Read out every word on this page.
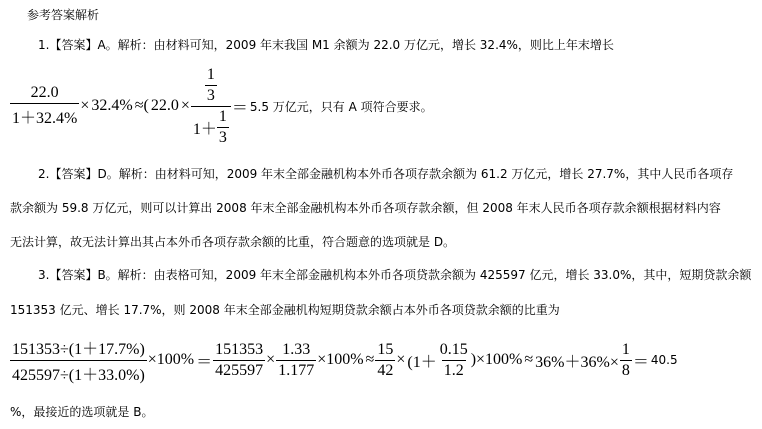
参考答案解析
1.【答案】A。解析：由材料可知，2009 年末我国 M1 余额为 22.0 万亿元，增长 32.4%，则比上年末增长
$\frac{22.0}{1+32.4\%} \times 32.4\%$ ≈( $22.0 \times \frac{\frac{1}{3}}{1+ \frac{1}{3}} = 5.5$ 万亿元，只有 A 项符合要求。
2.【答案】D。解析：由材料可知，2009 年末全部金融机构本外币各项存款余额为 61.2 万亿元，增长 27.7%，其中人民币各项存
款余额为 59.8 万亿元，则可以计算出 2008 年末全部金融机构本外币各项存款余额，但 2008 年末人民币各项存款余额根据材料内容
无法计算，故无法计算出其占本外币各项存款余额的比重，符合题意的选项就是 D。
3.【答案】B。解析：由表格可知，2009 年末全部金融机构本外币各项贷款余额为 425597 亿元，增长 33.0%，其中，短期贷款余额
151353 亿元、增长 17.7%，则 2008 年末全部金融机构短期贷款余额占本外币各项贷款余额的比重为
$\frac{151353\div(1+17.7\%)}{425597\div(1+33.0\%)} \times 100\% = \frac{151353}{425597} \times \frac{1.33}{1.177} \times 100\% \approx \frac{15}{42} \times (1+ \frac{0.15}{1.2} )\times 100\% \approx 36\%+36\%\times \frac{1}{8} = 40.5$
%，最接近的选项就是 B。
